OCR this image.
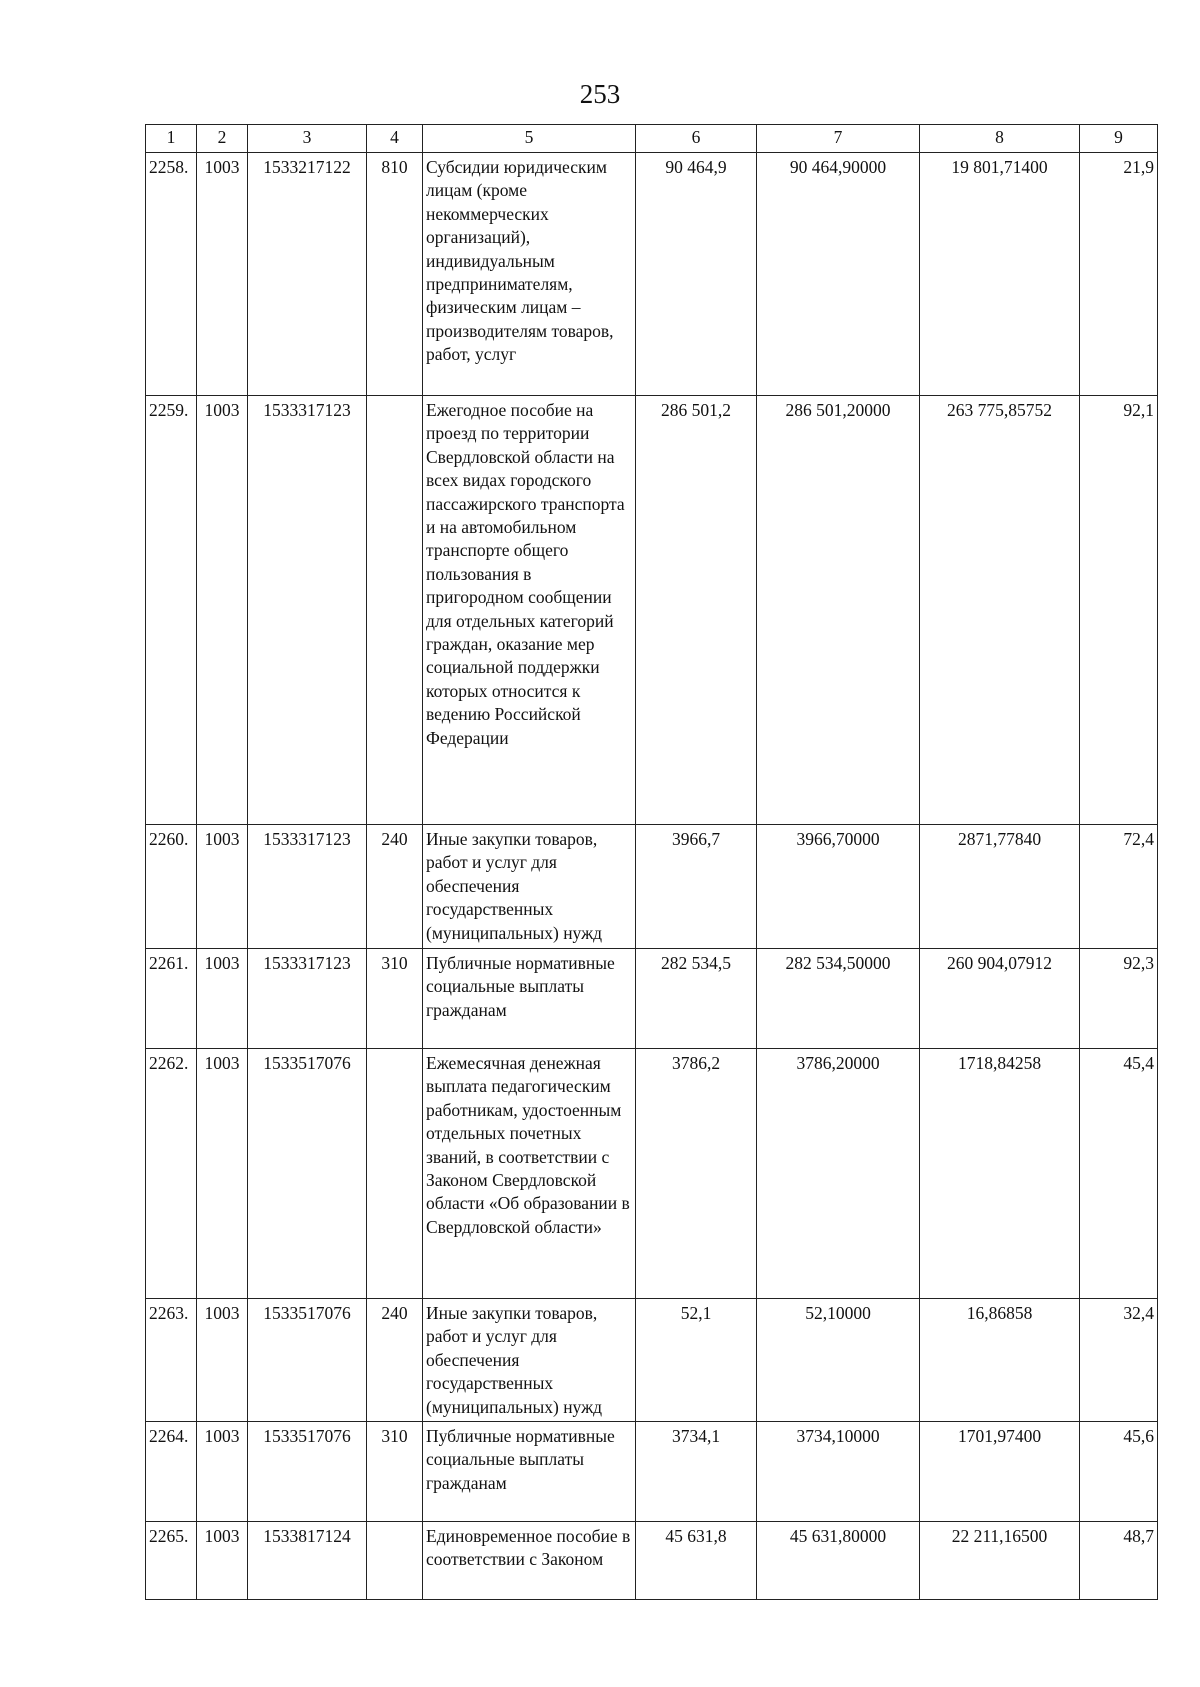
253
1	2	3	4	5	6	7	8	9
2258.	1003	1533217122	810	Субсидии юридическим лицам (кроме некоммерческих организаций), индивидуальным предпринимателям, физическим лицам – производителям товаров, работ, услуг	90 464,9	90 464,90000	19 801,71400	21,9
2259.	1003	1533317123		Ежегодное пособие на проезд по территории Свердловской области на всех видах городского пассажирского транспорта и на автомобильном транспорте общего пользования в пригородном сообщении для отдельных категорий граждан, оказание мер социальной поддержки которых относится к ведению Российской Федерации	286 501,2	286 501,20000	263 775,85752	92,1
2260.	1003	1533317123	240	Иные закупки товаров, работ и услуг для обеспечения государственных (муниципальных) нужд	3966,7	3966,70000	2871,77840	72,4
2261.	1003	1533317123	310	Публичные нормативные социальные выплаты гражданам	282 534,5	282 534,50000	260 904,07912	92,3
2262.	1003	1533517076		Ежемесячная денежная выплата педагогическим работникам, удостоенным отдельных почетных званий, в соответствии с Законом Свердловской области «Об образовании в Свердловской области»	3786,2	3786,20000	1718,84258	45,4
2263.	1003	1533517076	240	Иные закупки товаров, работ и услуг для обеспечения государственных (муниципальных) нужд	52,1	52,10000	16,86858	32,4
2264.	1003	1533517076	310	Публичные нормативные социальные выплаты гражданам	3734,1	3734,10000	1701,97400	45,6
2265.	1003	1533817124		Единовременное пособие в соответствии с Законом	45 631,8	45 631,80000	22 211,16500	48,7
